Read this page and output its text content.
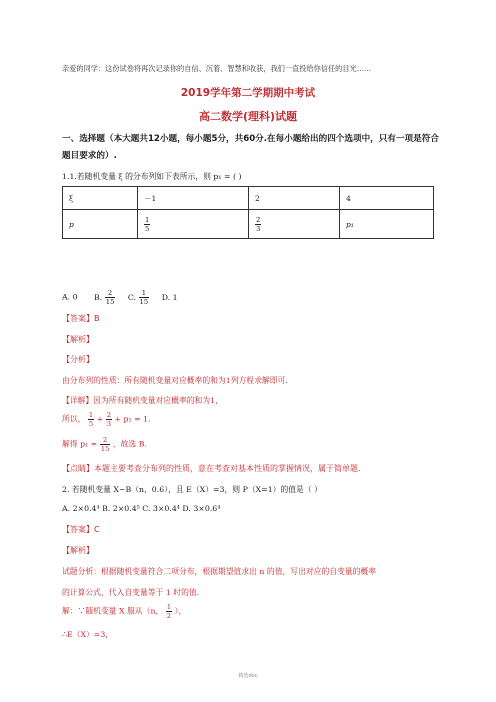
亲爱的同学：这份试卷将再次记录你的自信、沉着、智慧和收获，我们一直投给你信任的目光……
2019学年第二学期期中考试
高二数学(理科)试题
一、选择题（本大题共12小题，每小题5分，共60分.在每小题给出的四个选项中，只有一项是符合题目要求的）.
1.1.若随机变量 ξ 的分布列如下表所示，则 p₁ = ( )
ξ	－1	2	4
p	$\frac{1}{5}$	$\frac{2}{3}$	p₁
A. 0 B. $\frac{2}{15} C$. $\frac{1}{15} D$. 1
【答案】B
【解析】
【分析】
由分布列的性质：所有随机变量对应概率的和为1列方程求解即可.
【详解】因为所有随机变量对应概率的和为1，
所以， $\frac{1}{5} + \frac{2}{3} + p_1 = 1$.
解得 $p_1 = \frac{2}{15}$ ，故选 B.
【点睛】本题主要考查分布列的性质，意在考查对基本性质的掌握情况，属于简单题.
2. 若随机变量 X~B（n，0.6），且 E（X）=3，则 P（X=1）的值是（ ）
A. 2×0.4⁴ B. 2×0.4⁵ C. 3×0.4⁴ D. 3×0.6⁴
【答案】C
【解析】
试题分析：根据随机变量符合二项分布，根据期望值求出 n 的值，写出对应的自变量的概率
的计算公式，代入自变量等于 1 时的值.
解：∵随机变量 X 服从（n， $\frac{1}{2}$ ），
∴E（X）=3，
精选doc
